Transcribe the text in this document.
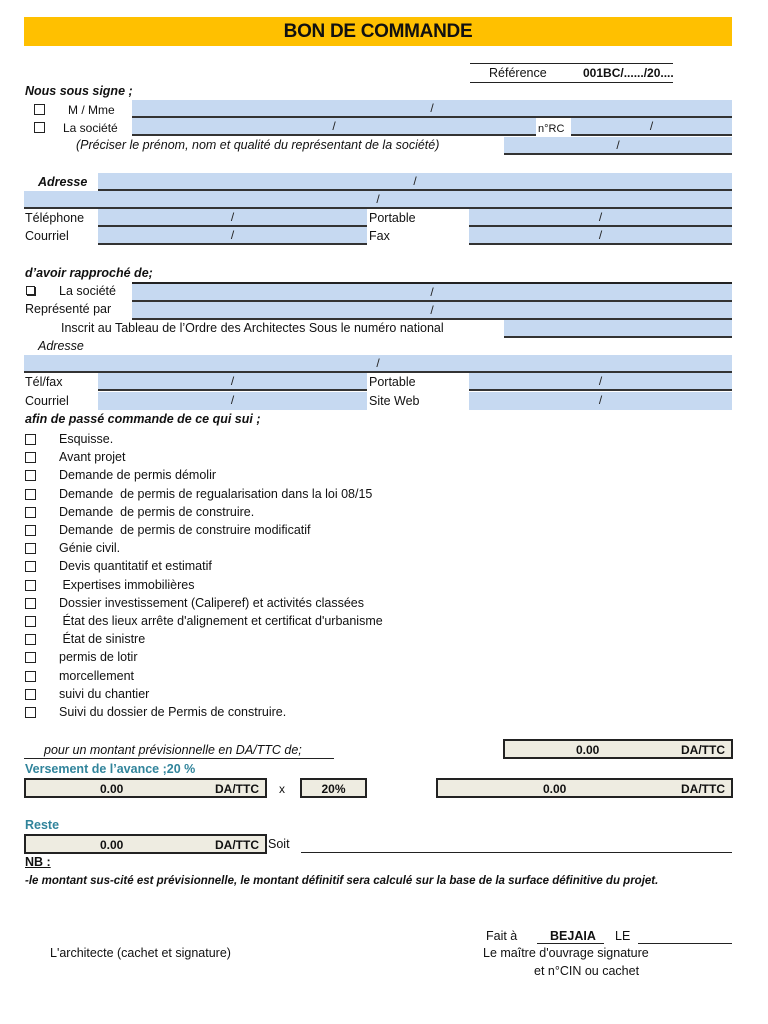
BON DE COMMANDE
Référence	001BC/....../20....
Nous sous signe ;
M / Mme	/
La société	/	n°RC	/
(Préciser le prénom, nom et qualité du représentant de la société)	/
Adresse	/
/
Téléphone	/	Portable	/
Courriel	/	Fax	/
d’avoir rapproché de;
La société	/
Représenté par	/
Inscrit au Tableau de l’Ordre des Architectes Sous le numéro national
Adresse
/
Tél/fax	/	Portable	/
Courriel	/	Site Web	/
afin de passé commande de ce qui sui ;
Esquisse.
Avant projet
Demande de permis démolir
Demande  de permis de regualarisation dans la loi 08/15
Demande  de permis de construire.
Demande  de permis de construire modificatif
Génie civil.
Devis quantitatif et estimatif
Expertises immobilières
Dossier investissement (Caliperef) et activités classées
État des lieux arrête d'alignement et certificat d'urbanisme
État de sinistre
permis de lotir
morcellement
suivi du chantier
Suivi du dossier de Permis de construire.
pour un montant prévisionnelle en DA/TTC de;	0.00	DA/TTC
Versement de l’avance ;20 %
0.00	DA/TTC x	20%	0.00	DA/TTC
Reste
0.00	DA/TTC Soit
NB :
-le montant sus-cité est prévisionnelle, le montant définitif sera calculé sur la base de la surface définitive du projet.
Fait à	BEJAIA LE
L'architecte (cachet et signature)	Le maître d'ouvrage signature
et n°CIN ou cachet
